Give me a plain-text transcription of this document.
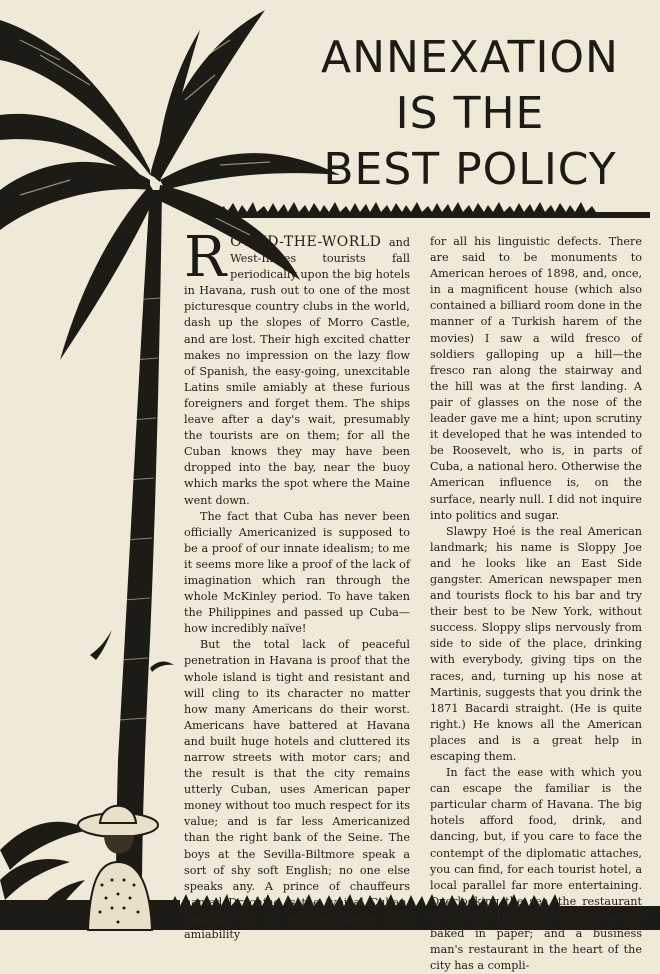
ANNEXATION
IS THE
BEST POLICY

ROUND-THE-WORLD and West-Indies tourists fall periodically upon the big hotels in Havana, rush out to one of the most picturesque country clubs in the world, dash up the slopes of Morro Castle, and are lost. Their high excited chatter makes no impression on the lazy flow of Spanish, the easy-going, unexcitable Latins smile amiably at these furious foreigners and forget them. The ships leave after a day's wait, presumably the tourists are on them; for all the Cuban knows they may have been dropped into the bay, near the buoy which marks the spot where the Maine went down.

The fact that Cuba has never been officially Americanized is supposed to be a proof of our innate idealism; to me it seems more like a proof of the lack of imagination which ran through the whole McKinley period. To have taken the Philippines and passed up Cuba—how incredibly naïve!

But the total lack of peaceful penetration in Havana is proof that the whole island is tight and resistant and will cling to its character no matter how many Americans do their worst. Americans have battered at Havana and built huge hotels and cluttered its narrow streets with motor cars; and the result is that the city remains utterly Cuban, uses American paper money without too much respect for its value; and is far less Americanized than the right bank of the Seine. The boys at the Sevilla-Biltmore speak a sort of shy soft English; no one else speaks any. A prince of chauffeurs named Drachino is the typical Cuban, making up in resourcefulness and amiability

for all his linguistic defects. There are said to be monuments to American heroes of 1898, and, once, in a magnificent house (which also contained a billiard room done in the manner of a Turkish harem of the movies) I saw a wild fresco of soldiers galloping up a hill—the fresco ran along the stairway and the hill was at the first landing. A pair of glasses on the nose of the leader gave me a hint; upon scrutiny it developed that he was intended to be Roosevelt, who is, in parts of Cuba, a national hero. Otherwise the American influence is, on the surface, nearly null. I did not inquire into politics and sugar.

Slawpy Hoé is the real American landmark; his name is Sloppy Joe and he looks like an East Side gangster. American newspaper men and tourists flock to his bar and try their best to be New York, without success. Sloppy slips nervously from side to side of the place, drinking with everybody, giving tips on the races, and, turning up his nose at Martinis, suggests that you drink the 1871 Bacardi straight. (He is quite right.) He knows all the American places and is a great help in escaping them.

In fact the ease with which you can escape the familiar is the particular charm of Havana. The big hotels afford food, drink, and dancing, but, if you care to face the contempt of the diplomatic attaches, you can find, for each tourist hotel, a local parallel far more entertaining. Overlooking the sea, the restaurant of Los Dos Hermanos offers you fish baked in paper; and a business man's restaurant in the heart of the city has a compli-
